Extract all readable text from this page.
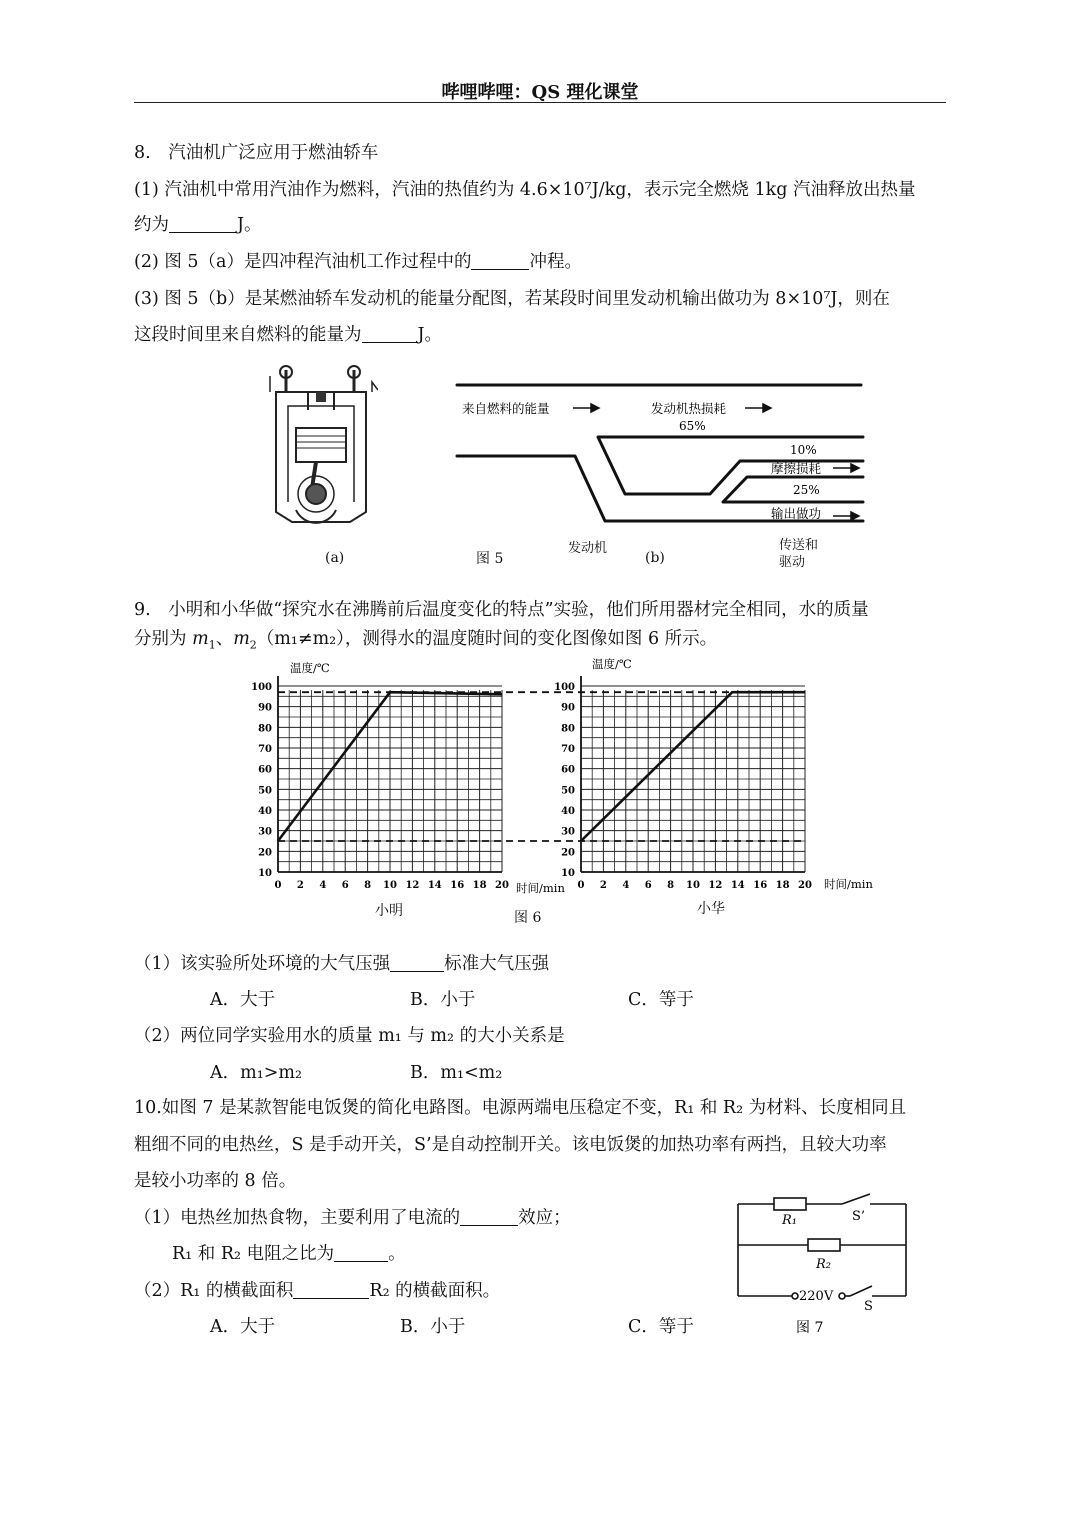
哔哩哔哩：QS 理化课堂
8.　汽油机广泛应用于燃油轿车
(1) 汽油机中常用汽油作为燃料，汽油的热值约为 4.6×10⁷J/kg，表示完全燃烧 1kg 汽油释放出热量
约为	J。
(2) 图 5（a）是四冲程汽油机工作过程中的	冲程。
(3) 图 5（b）是某燃油轿车发动机的能量分配图，若某段时间里发动机输出做功为 8×10⁷J，则在
这段时间里来自燃料的能量为	J。
来自燃料的能量	发动机热损耗
65%
10%
摩擦损耗
25%
输出做功
(a)	图 5
发动机
(b)
传送和
驱动
9.　小明和小华做“探究水在沸腾前后温度变化的特点”实验，他们所用器材完全相同，水的质量
分别为 $m_1$、$m_2(m_1\ne m_2)$，测得水的温度随时间的变化图像如图 6 所示。
0 2 4 6 8 10 12 14 16 18 20
10
20
30
40
50
60
70
80
90
100
0 2 4 6 8 10 12 14 16 18 20
10
20
30
40
50
60
70
80
90
100
温度/℃	温度/℃
时间/min	时间/min
小明	图 6
小华
（1）该实验所处环境的大气压强	标准大气压强
A．大于	B．小于	C．等于
（2）两位同学实验用水的质量 m₁ 与 m₂ 的大小关系是
A．m₁>m₂	B．m₁<m₂
10.如图 7 是某款智能电饭煲的简化电路图。电源两端电压稳定不变，R₁ 和 R₂ 为材料、长度相同且
粗细不同的电热丝，S 是手动开关，S’是自动控制开关。该电饭煲的加热功率有两挡，且较大功率
是较小功率的 8 倍。
（1）电热丝加热食物，主要利用了电流的	效应；
R₁ 和 R₂ 电阻之比为	。
（2）R₁ 的横截面积	R₂ 的横截面积。
A．大于	B．小于	C．等于
R₁	S’
R₂
220V
S
图 7
